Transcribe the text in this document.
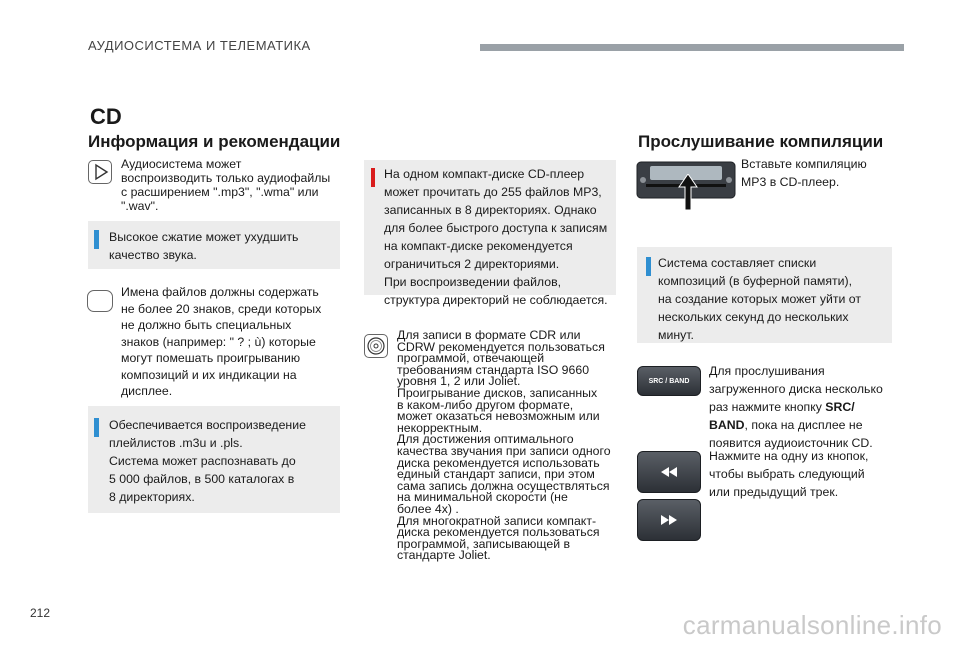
АУДИОСИСТЕМА И ТЕЛЕМАТИКА
CD
Информация и рекомендации
Аудиосистема может
воспроизводить только аудиофайлы
с расширением ".mp3", ".wma" или
".wav".
Высокое сжатие может ухудшить
качество звука.
Имена файлов должны содержать
не более 20 знаков, среди которых
не должно быть специальных
знаков (например: " ? ; ù) которые
могут помешать проигрыванию
композиций и их индикации на
дисплее.
Обеспечивается воспроизведение
плейлистов .m3u и .pls.
Система может распознавать до
5 000 файлов, в 500 каталогах в
8 директориях.
На одном компакт-диске CD-плеер
может прочитать до 255 файлов MP3,
записанных в 8 директориях. Однако
для более быстрого доступа к записям
на компакт-диске рекомендуется
ограничиться 2 директориями.
При воспроизведении файлов,
структура директорий не соблюдается.
Для записи в формате CDR или
CDRW рекомендуется пользоваться
программой, отвечающей
требованиям стандарта ISO 9660
уровня 1, 2 или Joliet.
Проигрывание дисков, записанных
в каком-либо другом формате,
может оказаться невозможным или
некорректным.
Для достижения оптимального
качества звучания при записи одного
диска рекомендуется использовать
единый стандарт записи, при этом
сама запись должна осуществляться
на минимальной скорости (не
более 4х) .
Для многократной записи компакт-
диска рекомендуется пользоваться
программой, записывающей в
стандарте Joliet.
Прослушивание компиляции
Вставьте компиляцию
MP3 в CD-плеер.
Система составляет списки
композиций (в буферной памяти),
на создание которых может уйти от
нескольких секунд до нескольких
минут.
SRC / BAND
Для прослушивания
загруженного диска несколько
раз нажмите кнопку SRC/
BAND, пока на дисплее не
появится аудиоисточник CD.
Нажмите на одну из кнопок,
чтобы выбрать следующий
или предыдущий трек.
212	carmanualsonline.info
